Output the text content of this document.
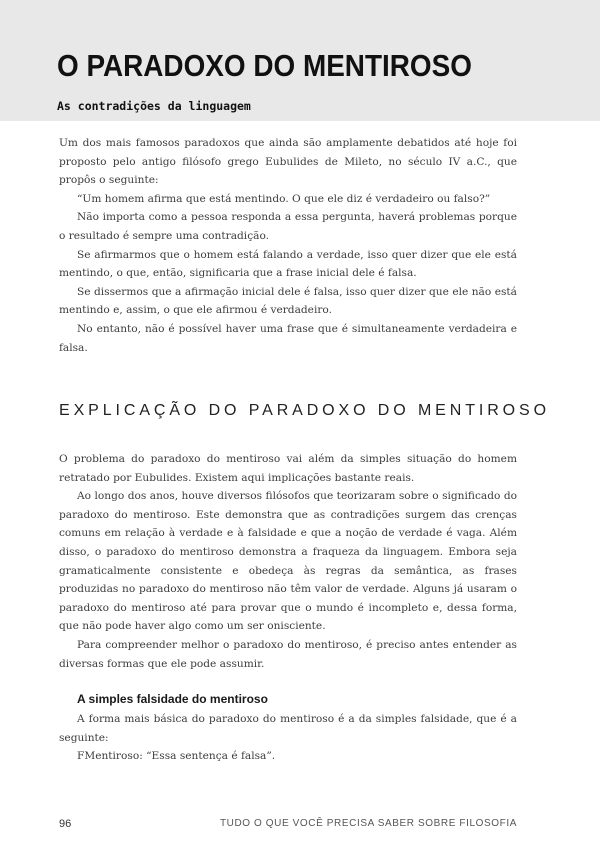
O PARADOXO DO MENTIROSO

As contradições da linguagem

Um dos mais famosos paradoxos que ainda são amplamente debatidos até hoje foi proposto pelo antigo filósofo grego Eubulides de Mileto, no século IV a.C., que propôs o seguinte:

“Um homem afirma que está mentindo. O que ele diz é verdadeiro ou falso?”

Não importa como a pessoa responda a essa pergunta, haverá problemas porque o resultado é sempre uma contradição.

Se afirmarmos que o homem está falando a verdade, isso quer dizer que ele está mentindo, o que, então, significaria que a frase inicial dele é falsa.

Se dissermos que a afirmação inicial dele é falsa, isso quer dizer que ele não está mentindo e, assim, o que ele afirmou é verdadeiro.

No entanto, não é possível haver uma frase que é simultaneamente verdadeira e falsa.

EXPLICAÇÃO DO PARADOXO DO MENTIROSO

O problema do paradoxo do mentiroso vai além da simples situação do homem retratado por Eubulides. Existem aqui implicações bastante reais.

Ao longo dos anos, houve diversos filósofos que teorizaram sobre o significado do paradoxo do mentiroso. Este demonstra que as contradições surgem das crenças comuns em relação à verdade e à falsidade e que a noção de verdade é vaga. Além disso, o paradoxo do mentiroso demonstra a fraqueza da linguagem. Embora seja gramaticalmente consistente e obedeça às regras da semântica, as frases produzidas no paradoxo do mentiroso não têm valor de verdade. Alguns já usaram o paradoxo do mentiroso até para provar que o mundo é incompleto e, dessa forma, que não pode haver algo como um ser onisciente.

Para compreender melhor o paradoxo do mentiroso, é preciso antes entender as diversas formas que ele pode assumir.

A simples falsidade do mentiroso

A forma mais básica do paradoxo do mentiroso é a da simples falsidade, que é a seguinte:

FMentiroso: “Essa sentença é falsa”.

96	TUDO O QUE VOCÊ PRECISA SABER SOBRE FILOSOFIA
